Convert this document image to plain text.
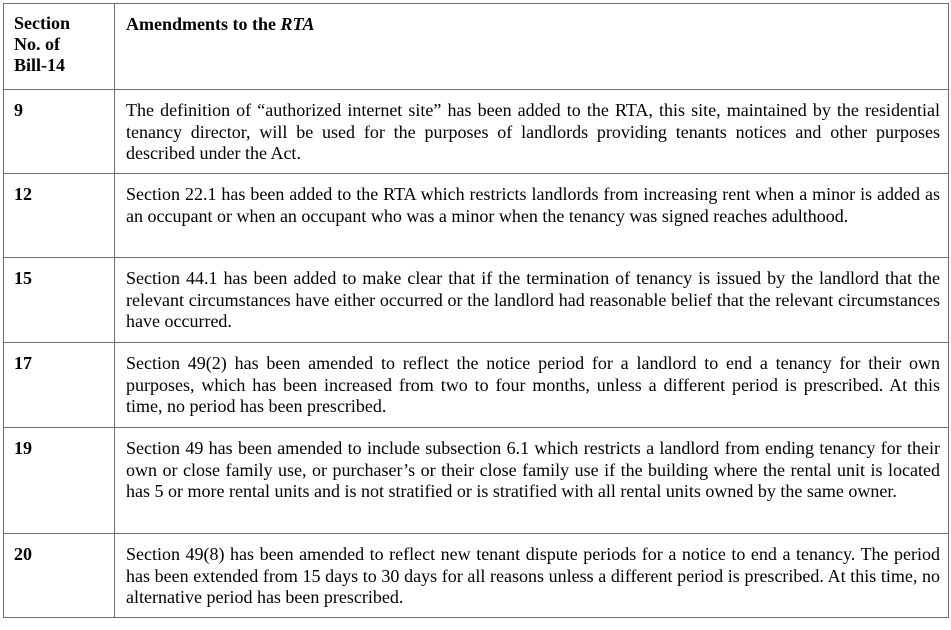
Section
No. of
Bill-14	Amendments to the RTA
9	The definition of “authorized internet site” has been added to the RTA, this site, maintained by the residential tenancy director, will be used for the purposes of landlords providing tenants notices and other purposes described under the Act.
12	Section 22.1 has been added to the RTA which restricts landlords from increasing rent when a minor is added as an occupant or when an occupant who was a minor when the tenancy was signed reaches adulthood.
15	Section 44.1 has been added to make clear that if the termination of tenancy is issued by the landlord that the relevant circumstances have either occurred or the landlord had reasonable belief that the relevant circumstances have occurred.
17	Section 49(2) has been amended to reflect the notice period for a landlord to end a tenancy for their own purposes, which has been increased from two to four months, unless a different period is prescribed. At this time, no period has been prescribed.
19	Section 49 has been amended to include subsection 6.1 which restricts a landlord from ending tenancy for their own or close family use, or purchaser’s or their close family use if the building where the rental unit is located has 5 or more rental units and is not stratified or is stratified with all rental units owned by the same owner.
20	Section 49(8) has been amended to reflect new tenant dispute periods for a notice to end a tenancy. The period has been extended from 15 days to 30 days for all reasons unless a different period is prescribed. At this time, no alternative period has been prescribed.
